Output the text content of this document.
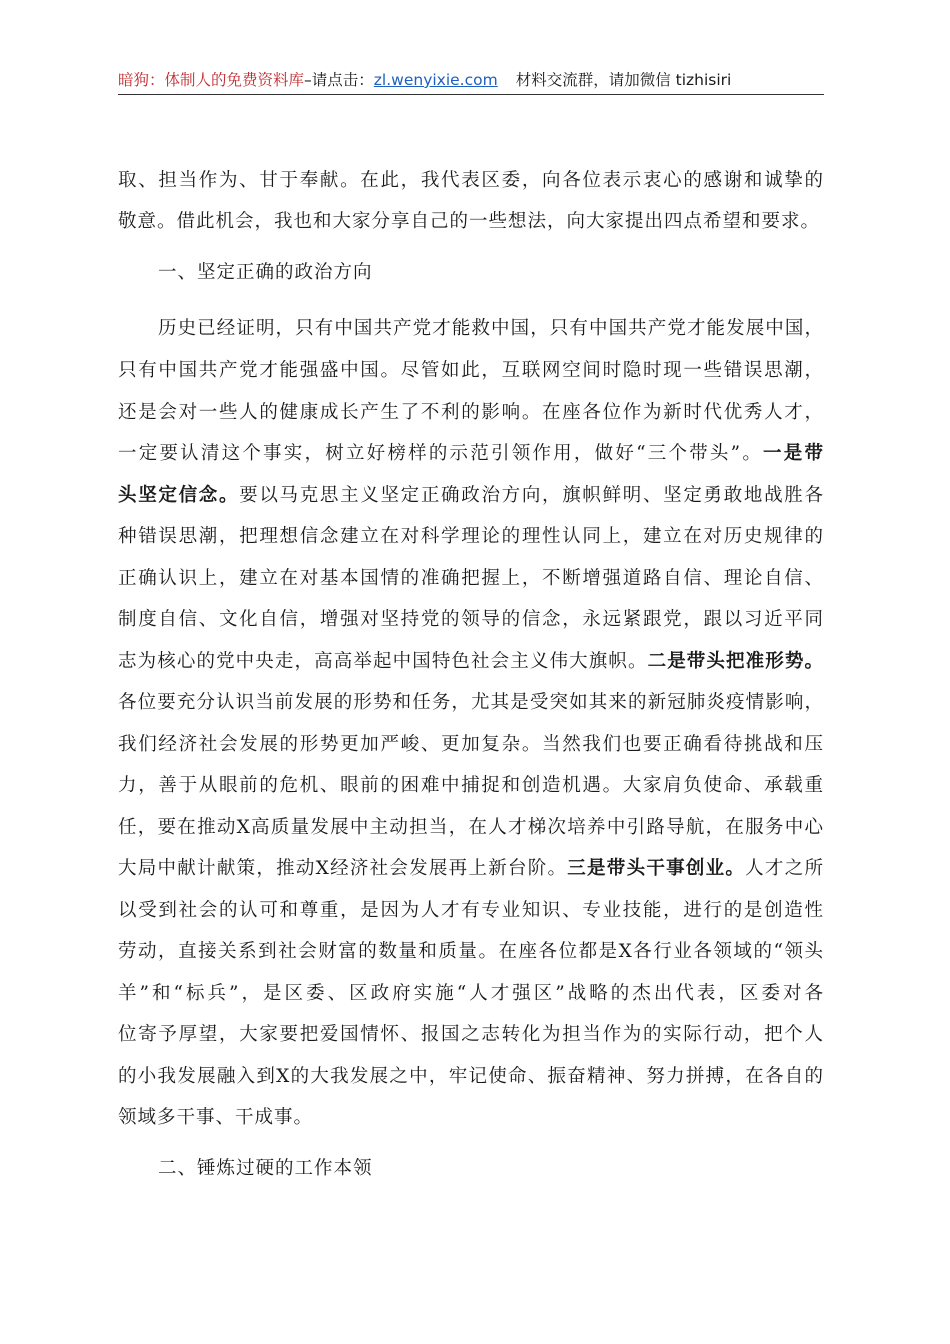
暗狗：体制人的免费资料库–请点击：zl.wenyixie.com 材料交流群，请加微信 tizhisiri
取、担当作为、甘于奉献。在此，我代表区委，向各位表示衷心的感谢和诚挚的
敬意。借此机会，我也和大家分享自己的一些想法，向大家提出四点希望和要求。
一、坚定正确的政治方向
历史已经证明，只有中国共产党才能救中国，只有中国共产党才能发展中国，
只有中国共产党才能强盛中国。尽管如此，互联网空间时隐时现一些错误思潮，
还是会对一些人的健康成长产生了不利的影响。在座各位作为新时代优秀人才，
一定要认清这个事实，树立好榜样的示范引领作用，做好“三个带头”。一是带
头坚定信念。要以马克思主义坚定正确政治方向，旗帜鲜明、坚定勇敢地战胜各
种错误思潮，把理想信念建立在对科学理论的理性认同上，建立在对历史规律的
正确认识上，建立在对基本国情的准确把握上，不断增强道路自信、理论自信、
制度自信、文化自信，增强对坚持党的领导的信念，永远紧跟党，跟以习近平同
志为核心的党中央走，高高举起中国特色社会主义伟大旗帜。二是带头把准形势。
各位要充分认识当前发展的形势和任务，尤其是受突如其来的新冠肺炎疫情影响，
我们经济社会发展的形势更加严峻、更加复杂。当然我们也要正确看待挑战和压
力，善于从眼前的危机、眼前的困难中捕捉和创造机遇。大家肩负使命、承载重
任，要在推动X高质量发展中主动担当，在人才梯次培养中引路导航，在服务中心
大局中献计献策，推动X经济社会发展再上新台阶。三是带头干事创业。人才之所
以受到社会的认可和尊重，是因为人才有专业知识、专业技能，进行的是创造性
劳动，直接关系到社会财富的数量和质量。在座各位都是X各行业各领域的“领头
羊”和“标兵”，是区委、区政府实施“人才强区”战略的杰出代表，区委对各
位寄予厚望，大家要把爱国情怀、报国之志转化为担当作为的实际行动，把个人
的小我发展融入到X的大我发展之中，牢记使命、振奋精神、努力拼搏，在各自的
领域多干事、干成事。
二、锤炼过硬的工作本领
